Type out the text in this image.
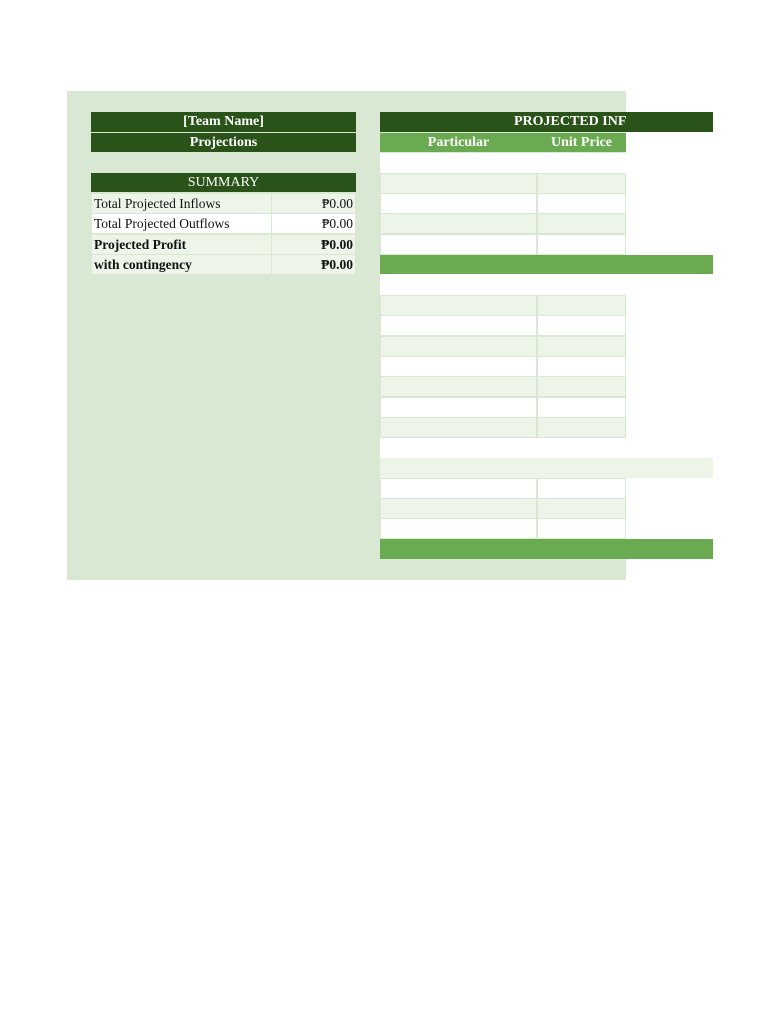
[Team Name]
Projections
SUMMARY
Total Projected Inflows	₱0.00
Total Projected Outflows	₱0.00
Projected Profit	₱0.00
with contingency	₱0.00
PROJECTED INF
Particular	Unit Price
